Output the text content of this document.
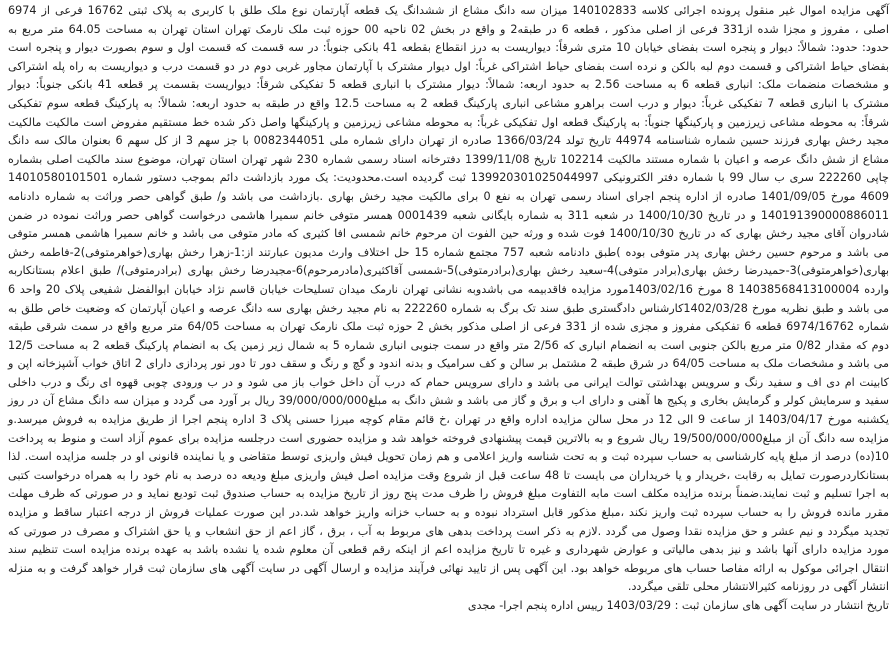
آگهی مزایده اموال غیر منقول پرونده اجرائی کلاسه 140102833 میزان سه دانگ مشاع از ششدانگ یک قطعه آپارتمان نوع ملک طلق با کاربری به پلاک ثبتی 16762 فرعی از 6974 اصلی ، مفروز و مجزا شده از331 فرعی از اصلی مذکور ، قطعه 6 در طبقه2 و واقع در بخش 02 ناحیه 00 حوزه ثبت ملک نارمک تهران استان تهران به مساحت 64.05 متر مربع به حدود: حدود: شمالاً: دیوار و پنجره است بفضای خیابان 10 متری شرقاً: دیواریست به درز انقطاع بقطعه 41 بانکی جنوباً: در سه قسمت که قسمت اول و سوم بصورت دیوار و پنجره است بفضای حیاط اشتراکی و قسمت دوم لبه بالکن و نرده است بفضای حیاط اشتراکی غرباً: اول دیوار مشترک با آپارتمان مجاور غربی دوم در دو قسمت درب و دیواریست به راه پله اشتراکی و مشخصات منضمات ملک: انباری قطعه 6 به مساحت 2.56 به حدود اربعه: شمالاً: دیوار مشترک با انباری قطعه 5 تفکیکی شرقاً: دیواریست بقسمت پر قطعه 41 بانکی جنوباً: دیوار مشترک با انباری قطعه 7 تفکیکی غرباً: دیوار و درب است براهرو مشاعی انباری پارکینگ قطعه 2 به مساحت 12.5 واقع در طبقه به حدود اربعه: شمالاً: به پارکینگ قطعه سوم تفکیکی شرقاً: به محوطه مشاعی زیرزمین و پارکینگها جنوباً: به پارکینگ قطعه اول تفکیکی غرباً: به محوطه مشاعی زیرزمین و پارکینگها واصل ذکر شده خط مستقیم مفروض است مالکیت مالکیت مجید رخش بهاری فرزند حسین شماره شناسنامه 44974 تاریخ تولد 1366/03/24 صادره از تهران دارای شماره ملی 0082344051 با جز سهم 3 از کل سهم 6 بعنوان مالک سه دانگ مشاع از شش دانگ عرصه و اعیان با شماره مستند مالکیت 102214 تاریخ 1399/11/08 دفترخانه اسناد رسمی شماره 230 شهر تهران استان تهران، موضوع سند مالکیت اصلی بشماره چاپی 222260 سری ب سال 99 با شماره دفتر الکترونیکی 139920301025044997 ثبت گردیده است.محدودیت: یک مورد بازداشت دائم بموجب دستور شماره 14010580101501 4609 مورخ 1401/09/05 صادره از اداره پنجم اجرای اسناد رسمی تهران به نفع 0 برای مالکیت مجید رخش بهاری .بازداشت می باشد و/ طبق گواهی حصر وراثت به شماره دادنامه 140191390000886011 و در تاریخ 1400/10/30 در شعبه 311 به شماره بایگانی شعبه 0001439 همسر متوفی خانم سمیرا هاشمی درخواست گواهی حصر وراثت نموده در ضمن شادروان آقای مجید رخش بهاری که در تاریخ 1400/10/30 فوت شده و ورثه حین الفوت ان مرحوم خانم شمسی افا کثیری که مادر متوفی می باشد و خانم سمیرا هاشمی همسر متوفی می باشد و مرحوم حسین رخش بهاری پدر متوفی بوده )طبق دادنامه شعبه 757 مجتمع شماره 15 حل اختلاف وارث مدیون عبارتند از:1-زهرا رخش بهاری(خواهرمتوفی)2-فاطمه رخش بهاری(خواهرمتوفی)3-حمیدرضا رخش بهاری(برادر متوفی)4-سعید رخش بهاری(برادرمتوفی)5-شمسی آقاکثیری(مادرمرحوم)6-مجیدرضا رخش بهاری (برادرمتوفی)/ طبق اعلام بستانکاربه وارده 14038568413100004 8 مورخ 1403/02/16مورد مزایده فاقدبیمه می باشدوبه نشانی تهران نارمک میدان تسلیحات خیابان قاسم نژاد خیابان ابوالفضل شفیعی پلاک 20 واحد 6 می باشد و طبق نظریه مورخ 1402/03/28کارشناس دادگستری طبق سند تک برگ به شماره 222260 به نام مجید رخش بهاری سه دانگ عرصه و اعیان آپارتمان که وضعیت خاص طلق به شماره 6974/16762 قطعه 6 تفکیکی مفروز و مجزی شده از 331 فرعی از اصلی مذکور بخش 2 حوزه ثبت ملک نارمک تهران به مساحت 64/05 متر مربع واقع در سمت شرقی طبقه دوم که مقدار 0/82 متر مربع بالکن جنوبی است به انضمام انباری که 2/56 متر واقع در سمت جنوبی انباری شماره 5 به شمال زیر زمین یک به انضمام پارکینگ قطعه 2 به مساحت 12/5 می باشد و مشخصات ملک به مساحت 64/05 در شرق طبقه 2 مشتمل بر سالن و کف سرامیک و بدنه اندود و گچ و رنگ و سقف دور تا دور نور پردازی دارای 2 اتاق خواب آشپزخانه اپن و کابینت ام دی اف و سفید رنگ و سرویس بهداشتی توالت ایرانی می باشد و دارای سرویس حمام که درب آن داخل خواب باز می شود و در ب ورودی چوبی قهوه ای رنگ و درب داخلی سفید و سرمایش کولر و گرمایش بخاری و پکیج ها آهنی و دارای اب و برق و گاز می باشد و شش دانگ به مبلغ39/000/000/000 ریال بر آورد می گردد و میزان سه دانگ مشاع آن در روز یکشنبه مورخ 1403/04/17 از ساعت 9 الی 12 در محل سالن مزایده اداره واقع در تهران ،خ قائم مقام کوچه میرزا حسنی پلاک 3 اداره پنجم اجرا از طریق مزایده به فروش میرسد.و مزایده سه دانگ آن از مبلغ19/500/000/000 ریال شروع و به بالاترین قیمت پیشنهادی فروخته خواهد شد و مزایده حضوری است درجلسه مزایده برای عموم آزاد است و منوط به پرداخت 10(ده) درصد از مبلغ پایه کارشناسی به حساب سپرده ثبت و به تحت شناسه واریز اعلامی و هم زمان تحویل فیش واریزی توسط متقاضی و یا نماینده قانونی او در جلسه مزایده است. لذا بستانکاردرصورت تمایل به رقابت ،خریدار و یا خریداران می بایست تا 48 ساعت قبل از شروع وقت مزایده اصل فیش واریزی مبلغ ودیعه ده درصد به نام خود را به همراه درخواست کتبی به اجرا تسلیم و ثبت نمایند.ضمناً برنده مزایده مکلف است مابه التفاوت مبلغ فروش را ظرف مدت پنج روز از تاریخ مزایده به حساب صندوق ثبت تودیع نماید و در صورتی که ظرف مهلت مقرر مانده فروش را به حساب سپرده ثبت واریز نکند ،مبلغ مذکور قابل استرداد نبوده و به حساب خزانه واریز خواهد شد.در این صورت عملیات فروش از درجه اعتبار ساقط و مزایده تجدید میگردد و نیم عشر و حق مزایده نقدا وصول می گردد .لازم به ذکر است پرداخت بدهی های مربوط به آب ، برق ، گاز اعم از حق انشعاب و یا حق اشتراک و مصرف در صورتی که مورد مزایده دارای آنها باشد و نیز بدهی مالیاتی و عوارض شهرداری و غیره تا تاریخ مزایده اعم از اینکه رقم قطعی آن معلوم شده یا نشده باشد به عهده برنده مزایده است تنظیم سند انتقال اجرائی موکول به ارائه مفاصا حساب های مربوطه خواهد بود. این آگهی پس از تایید نهائی فرآیند مزایده و ارسال آگهی در سایت آگهی های سازمان ثبت قرار خواهد گرفت و به منزله انتشار آگهی در روزنامه کثیرالانتشار محلی تلقی میگردد.

تاریخ انتشار در سایت آگهی های سازمان ثبت : 1403/03/29 رییس اداره پنجم اجرا- مجدی
